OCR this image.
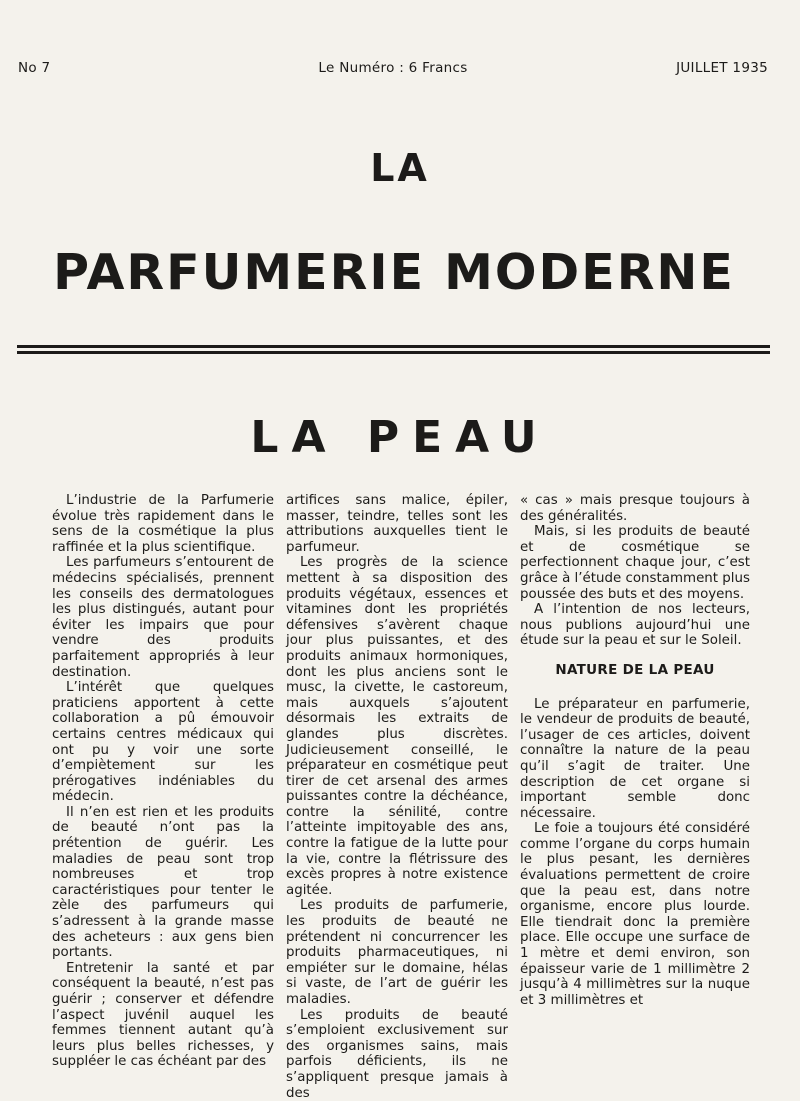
No 7	Le Numéro : 6 Francs	JUILLET 1935
LA
PARFUMERIE MODERNE
LA PEAU

L’industrie de la Parfumerie évolue très rapidement dans le sens de la cosmétique la plus raffinée et la plus scientifique.

Les parfumeurs s’entourent de médecins spécialisés, prennent les conseils des dermatologues les plus distingués, autant pour éviter les impairs que pour vendre des produits parfaitement appropriés à leur destination.

L’intérêt que quelques praticiens apportent à cette collaboration a pû émouvoir certains centres médicaux qui ont pu y voir une sorte d’empiètement sur les prérogatives indéniables du médecin.

Il n’en est rien et les produits de beauté n’ont pas la prétention de guérir. Les maladies de peau sont trop nombreuses et trop caractéristiques pour tenter le zèle des parfumeurs qui s’adressent à la grande masse des acheteurs : aux gens bien portants.

Entretenir la santé et par conséquent la beauté, n’est pas guérir ; conserver et défendre l’aspect juvénil auquel les femmes tiennent autant qu’à leurs plus belles richesses, y suppléer le cas échéant par des

artifices sans malice, épiler, masser, teindre, telles sont les attributions auxquelles tient le parfumeur.

Les progrès de la science mettent à sa disposition des produits végétaux, essences et vitamines dont les propriétés défensives s’avèrent chaque jour plus puissantes, et des produits animaux hormoniques, dont les plus anciens sont le musc, la civette, le castoreum, mais auxquels s’ajoutent désormais les extraits de glandes plus discrètes. Judicieusement conseillé, le préparateur en cosmétique peut tirer de cet arsenal des armes puissantes contre la déchéance, contre la sénilité, contre l’atteinte impitoyable des ans, contre la fatigue de la lutte pour la vie, contre la flétrissure des excès propres à notre existence agitée.

Les produits de parfumerie, les produits de beauté ne prétendent ni concurrencer les produits pharmaceutiques, ni empiéter sur le domaine, hélas si vaste, de l’art de guérir les maladies.

Les produits de beauté s’emploient exclusivement sur des organismes sains, mais parfois déficients, ils ne s’appliquent presque jamais à des

« cas » mais presque toujours à des généralités.

Mais, si les produits de beauté et de cosmétique se perfectionnent chaque jour, c’est grâce à l’étude constamment plus poussée des buts et des moyens.

A l’intention de nos lecteurs, nous publions aujourd’hui une étude sur la peau et sur le Soleil.

NATURE DE LA PEAU

Le préparateur en parfumerie, le vendeur de produits de beauté, l’usager de ces articles, doivent connaître la nature de la peau qu’il s’agit de traiter. Une description de cet organe si important semble donc nécessaire.

Le foie a toujours été considéré comme l’organe du corps humain le plus pesant, les dernières évaluations permettent de croire que la peau est, dans notre organisme, encore plus lourde. Elle tiendrait donc la première place. Elle occupe une surface de 1 mètre et demi environ, son épaisseur varie de 1 millimètre 2 jusqu’à 4 millimètres sur la nuque et 3 millimètres et
